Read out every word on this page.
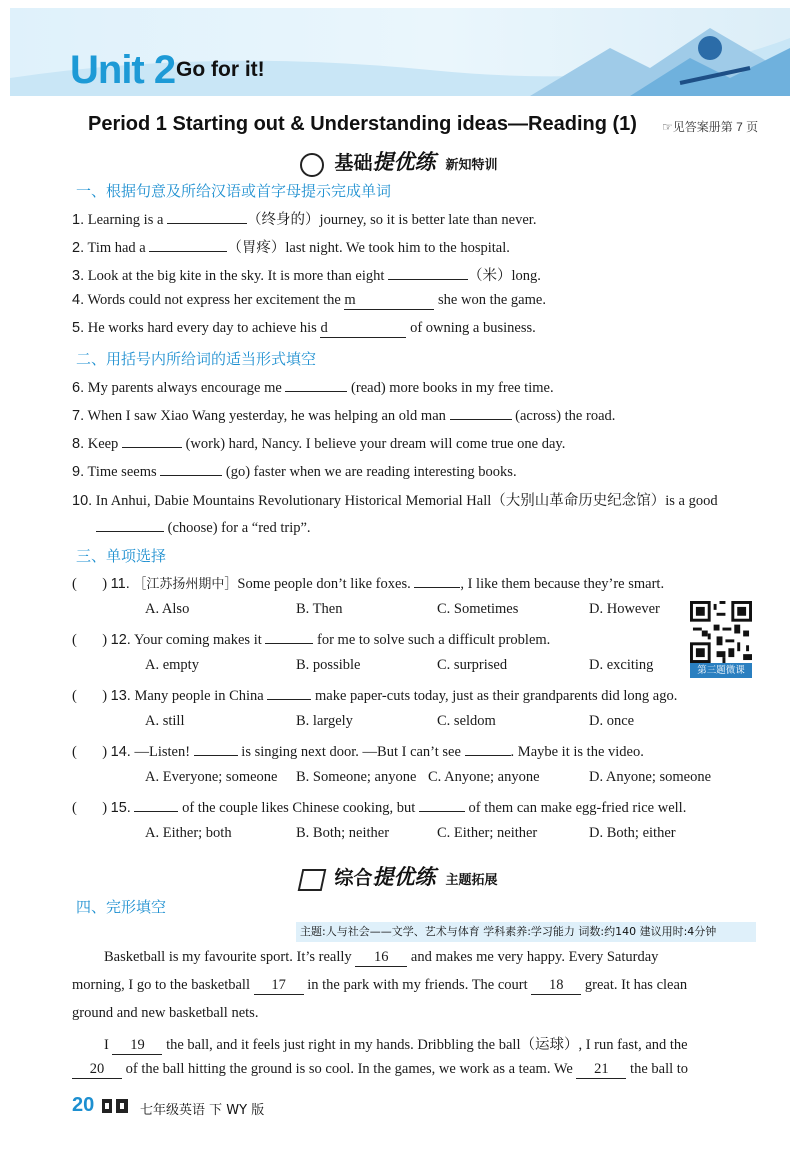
Unit 2 Go for it!
Period 1 Starting out & Understanding ideas—Reading (1) ☞见答案册第 7 页
基础提优练 新知特训
一、根据句意及所给汉语或首字母提示完成单词
1. Learning is a	（终身的）journey, so it is better late than never.
2. Tim had a	（胃疼）last night. We took him to the hospital.
3. Look at the big kite in the sky. It is more than eight	（米）long.
4. Words could not express her excitement the m	she won the game.
5. He works hard every day to achieve his d	of owning a business.
二、用括号内所给词的适当形式填空
6. My parents always encourage me	(read) more books in my free time.
7. When I saw Xiao Wang yesterday, he was helping an old man	(across) the road.
8. Keep	(work) hard, Nancy. I believe your dream will come true one day.
9. Time seems	(go) faster when we are reading interesting books.
10. In Anhui, Dabie Mountains Revolutionary Historical Memorial Hall（大别山革命历史纪念馆）is a good
(choose) for a “red trip”.
三、单项选择
(       ) 11. ［江苏扬州期中］Some people don’t like foxes.	, I like them because they’re smart.
A. Also	B. Then	C. Sometimes	D. However
第三题微课
(       ) 12. Your coming makes it	for me to solve such a difficult problem.
A. empty	B. possible	C. surprised	D. exciting
(       ) 13. Many people in China	make paper-cuts today, just as their grandparents did long ago.
A. still	B. largely	C. seldom	D. once
(       ) 14. —Listen!	is singing next door. —But I can’t see	. Maybe it is the video.
A. Everyone; someone B. Someone; anyone C. Anyone; anyone	D. Anyone; someone
(       ) 15.	of the couple likes Chinese cooking, but	of them can make egg-fried rice well.
A. Either; both	B. Both; neither	C. Either; neither	D. Both; either
综合提优练 主题拓展
四、完形填空
主题:人与社会——文学、艺术与体育 学科素养:学习能力 词数:约140 建议用时:4分钟
Basketball is my favourite sport. It’s really 16 and makes me very happy. Every Saturday
morning, I go to the basketball 17 in the park with my friends. The court 18 great. It has clean
ground and new basketball nets.
I 19 the ball, and it feels just right in my hands. Dribbling the ball（运球）, I run fast, and the
20 of the ball hitting the ground is so cool. In the games, we work as a team. We 21 the ball to
20	七年级英语 下 WY 版
